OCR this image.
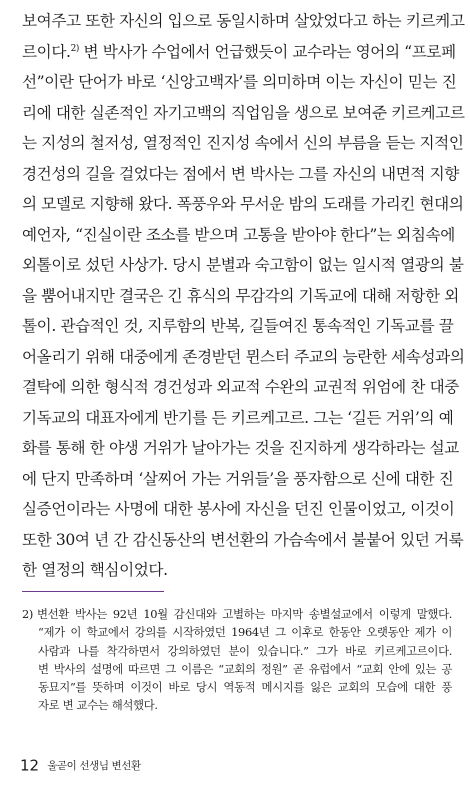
보여주고 또한 자신의 입으로 동일시하며 살았었다고 하는 키르케고
르이다.$^{2)}$ 변 박사가 수업에서 언급했듯이 교수라는 영어의 “프로페
선”이란 단어가 바로 ‘신앙고백자’를 의미하며 이는 자신이 믿는 진
리에 대한 실존적인 자기고백의 직업임을 생으로 보여준 키르케고르
는 지성의 철저성, 열정적인 진지성 속에서 신의 부름을 듣는 지적인
경건성의 길을 걸었다는 점에서 변 박사는 그를 자신의 내면적 지향
의 모델로 지향해 왔다. 폭풍우와 무서운 밤의 도래를 가리킨 현대의
예언자, “진실이란 조소를 받으며 고통을 받아야 한다”는 외침속에
외톨이로 섰던 사상가. 당시 분별과 숙고함이 없는 일시적 열광의 불
을 뿜어내지만 결국은 긴 휴식의 무감각의 기독교에 대해 저항한 외
톨이. 관습적인 것, 지루함의 반복, 길들여진 통속적인 기독교를 끌
어올리기 위해 대중에게 존경받던 뮌스터 주교의 능란한 세속성과의
결탁에 의한 형식적 경건성과 외교적 수완의 교권적 위엄에 찬 대중
기독교의 대표자에게 반기를 든 키르케고르. 그는 ‘길든 거위’의 예
화를 통해 한 야생 거위가 날아가는 것을 진지하게 생각하라는 설교
에 단지 만족하며 ‘살찌어 가는 거위들’을 풍자함으로 신에 대한 진
실증언이라는 사명에 대한 봉사에 자신을 던진 인물이었고, 이것이
또한 30여 년 간 감신동산의 변선환의 가슴속에서 불붙어 있던 거룩
한 열정의 핵심이었다.
2) 변선환 박사는 92년 10월 감신대와 고별하는 마지막 송별설교에서 이렇게 말했다.
“제가 이 학교에서 강의를 시작하였던 1964년 그 이후로 한동안 오랫동안 제가 이
사람과 나를 착각하면서 강의하였던 분이 있습니다.” 그가 바로 키르케고르이다.
변 박사의 설명에 따르면 그 이름은 “교회의 정원” 곧 유럽에서 “교회 안에 있는 공
동묘지”를 뜻하며 이것이 바로 당시 역동적 메시지를 잃은 교회의 모습에 대한 풍
자로 변 교수는 해석했다.
12 울곧이 선생님 변선환
